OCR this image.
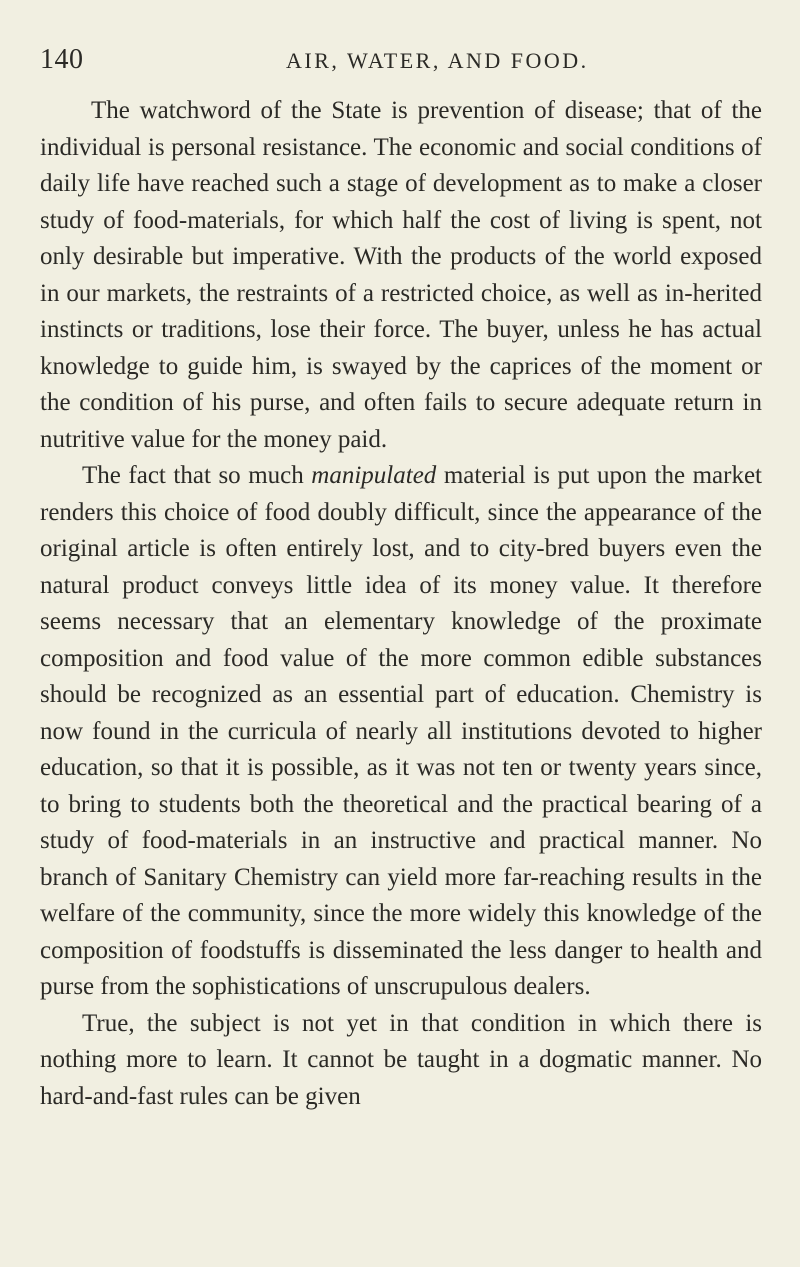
140	AIR, WATER, AND FOOD.

The watchword of the State is prevention of disease; that of the individual is personal resistance. The economic and social conditions of daily life have reached such a stage of development as to make a closer study of food-materials, for which half the cost of living is spent, not only desirable but imperative. With the products of the world exposed in our markets, the restraints of a restricted choice, as well as in-herited instincts or traditions, lose their force. The buyer, unless he has actual knowledge to guide him, is swayed by the caprices of the moment or the condition of his purse, and often fails to secure adequate return in nutritive value for the money paid.

The fact that so much manipulated material is put upon the market renders this choice of food doubly difficult, since the appearance of the original article is often entirely lost, and to city-bred buyers even the natural product conveys little idea of its money value. It therefore seems necessary that an elementary knowledge of the proximate composition and food value of the more common edible substances should be recognized as an essential part of education. Chemistry is now found in the curricula of nearly all institutions devoted to higher education, so that it is possible, as it was not ten or twenty years since, to bring to students both the theoretical and the practical bearing of a study of food-materials in an instructive and practical manner. No branch of Sanitary Chemistry can yield more far-reaching results in the welfare of the community, since the more widely this knowledge of the composition of foodstuffs is disseminated the less danger to health and purse from the sophistications of unscrupulous dealers.

True, the subject is not yet in that condition in which there is nothing more to learn. It cannot be taught in a dogmatic manner. No hard-and-fast rules can be given
